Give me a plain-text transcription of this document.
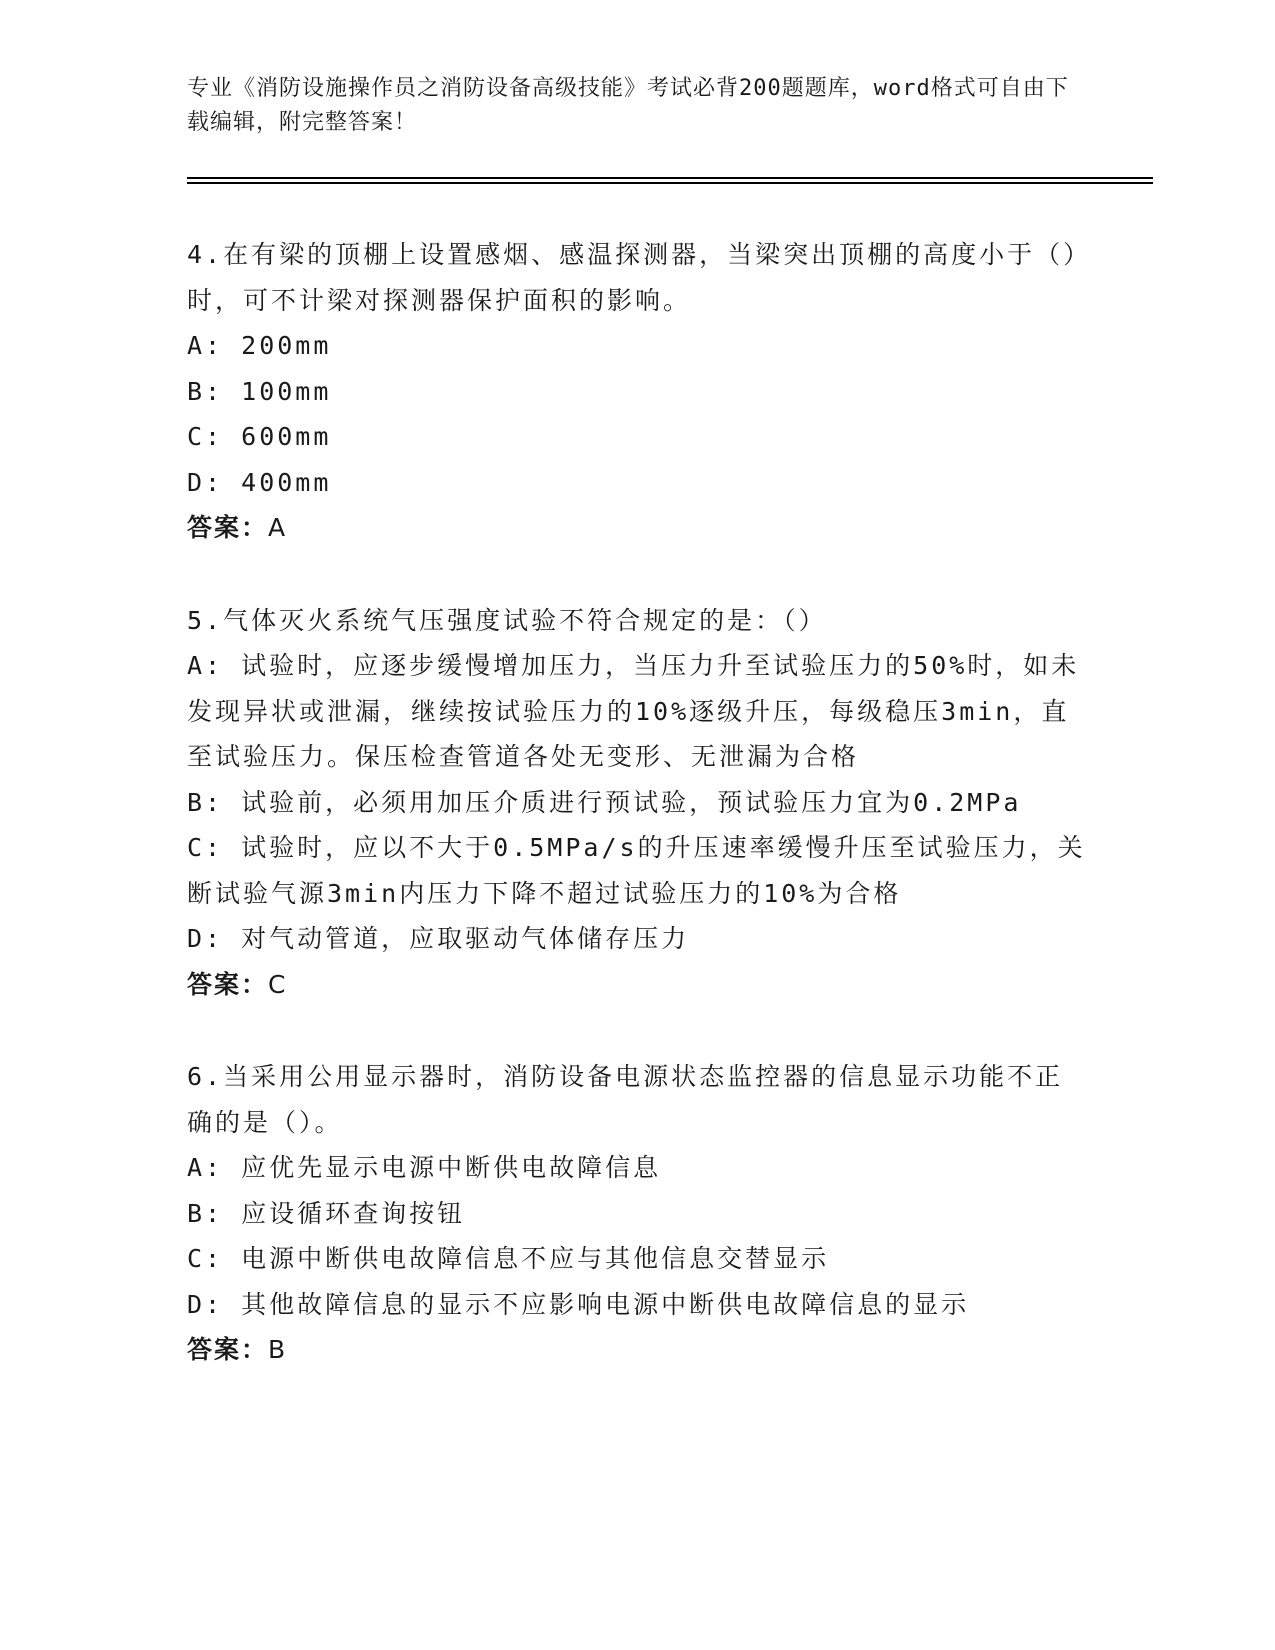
专业《消防设施操作员之消防设备高级技能》考试必背200题题库，word格式可自由下载编辑，附完整答案！

4.在有梁的顶棚上设置感烟、感温探测器，当梁突出顶棚的高度小于（）时，可不计梁对探测器保护面积的影响。

A: 200mm

B: 100mm

C: 600mm

D: 400mm

答案：A

5.气体灭火系统气压强度试验不符合规定的是：（）

A: 试验时，应逐步缓慢增加压力，当压力升至试验压力的50%时，如未发现异状或泄漏，继续按试验压力的10%逐级升压，每级稳压3min，直至试验压力。保压检查管道各处无变形、无泄漏为合格

B: 试验前，必须用加压介质进行预试验，预试验压力宜为0.2MPa

C: 试验时，应以不大于0.5MPa/s的升压速率缓慢升压至试验压力，关断试验气源3min内压力下降不超过试验压力的10%为合格

D: 对气动管道，应取驱动气体储存压力

答案：C

6.当采用公用显示器时，消防设备电源状态监控器的信息显示功能不正确的是（）。

A: 应优先显示电源中断供电故障信息

B: 应设循环查询按钮

C: 电源中断供电故障信息不应与其他信息交替显示

D: 其他故障信息的显示不应影响电源中断供电故障信息的显示

答案：B
